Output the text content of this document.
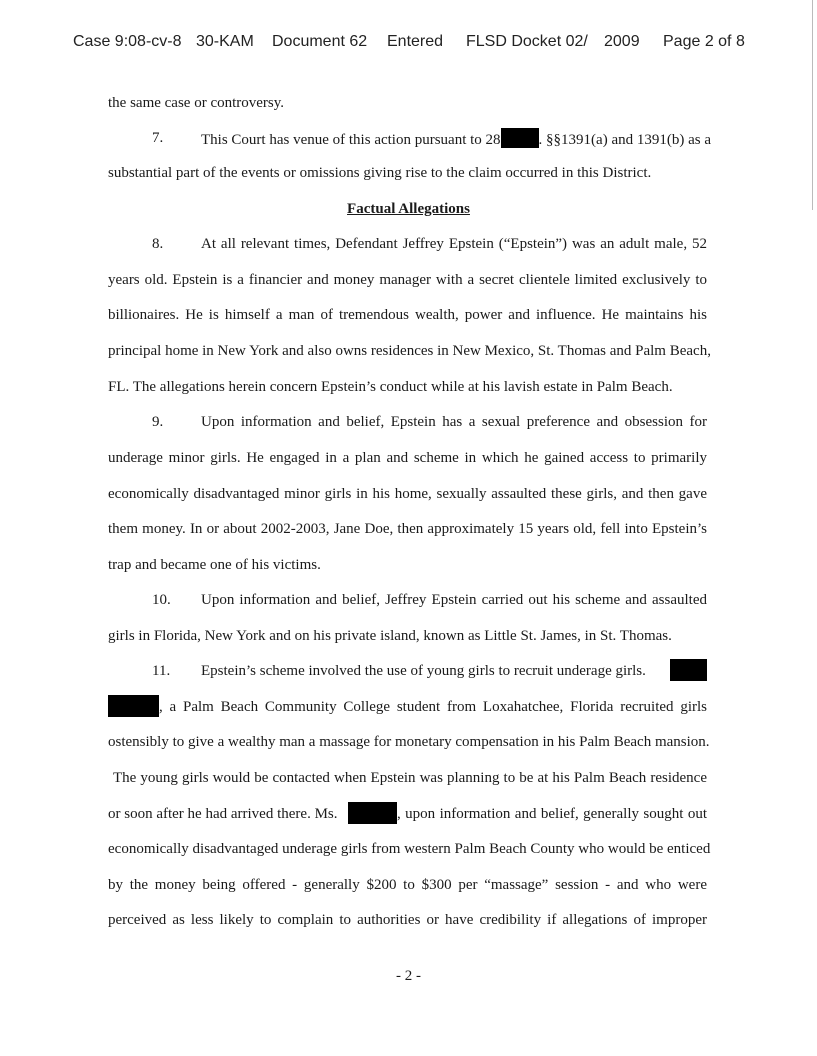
Case 9:08-cv-8 30-KAM Document 62 Entered FLSD Docket 02/ 2009 Page 2 of 8
the same case or controversy.
7.	This Court has venue of this action pursuant to 28	. §§1391(a) and 1391(b) as a
substantial part of the events or omissions giving rise to the claim occurred in this District.
Factual Allegations
8.	At all relevant times, Defendant Jeffrey Epstein (“Epstein”) was an adult male, 52
years old. Epstein is a financier and money manager with a secret clientele limited exclusively to
billionaires. He is himself a man of tremendous wealth, power and influence. He maintains his
principal home in New York and also owns residences in New Mexico, St. Thomas and Palm Beach,
FL. The allegations herein concern Epstein’s conduct while at his lavish estate in Palm Beach.
9.	Upon information and belief, Epstein has a sexual preference and obsession for
underage minor girls. He engaged in a plan and scheme in which he gained access to primarily
economically disadvantaged minor girls in his home, sexually assaulted these girls, and then gave
them money. In or about 2002-2003, Jane Doe, then approximately 15 years old, fell into Epstein’s
trap and became one of his victims.
10.	Upon information and belief, Jeffrey Epstein carried out his scheme and assaulted
girls in Florida, New York and on his private island, known as Little St. James, in St. Thomas.
11.	Epstein’s scheme involved the use of young girls to recruit underage girls.
, a Palm Beach Community College student from Loxahatchee, Florida recruited girls
ostensibly to give a wealthy man a massage for monetary compensation in his Palm Beach mansion.
The young girls would be contacted when Epstein was planning to be at his Palm Beach residence
or soon after he had arrived there. Ms.	, upon information and belief, generally sought out
economically disadvantaged underage girls from western Palm Beach County who would be enticed
by the money being offered - generally $200 to $300 per “massage” session - and who were
perceived as less likely to complain to authorities or have credibility if allegations of improper
- 2 -
